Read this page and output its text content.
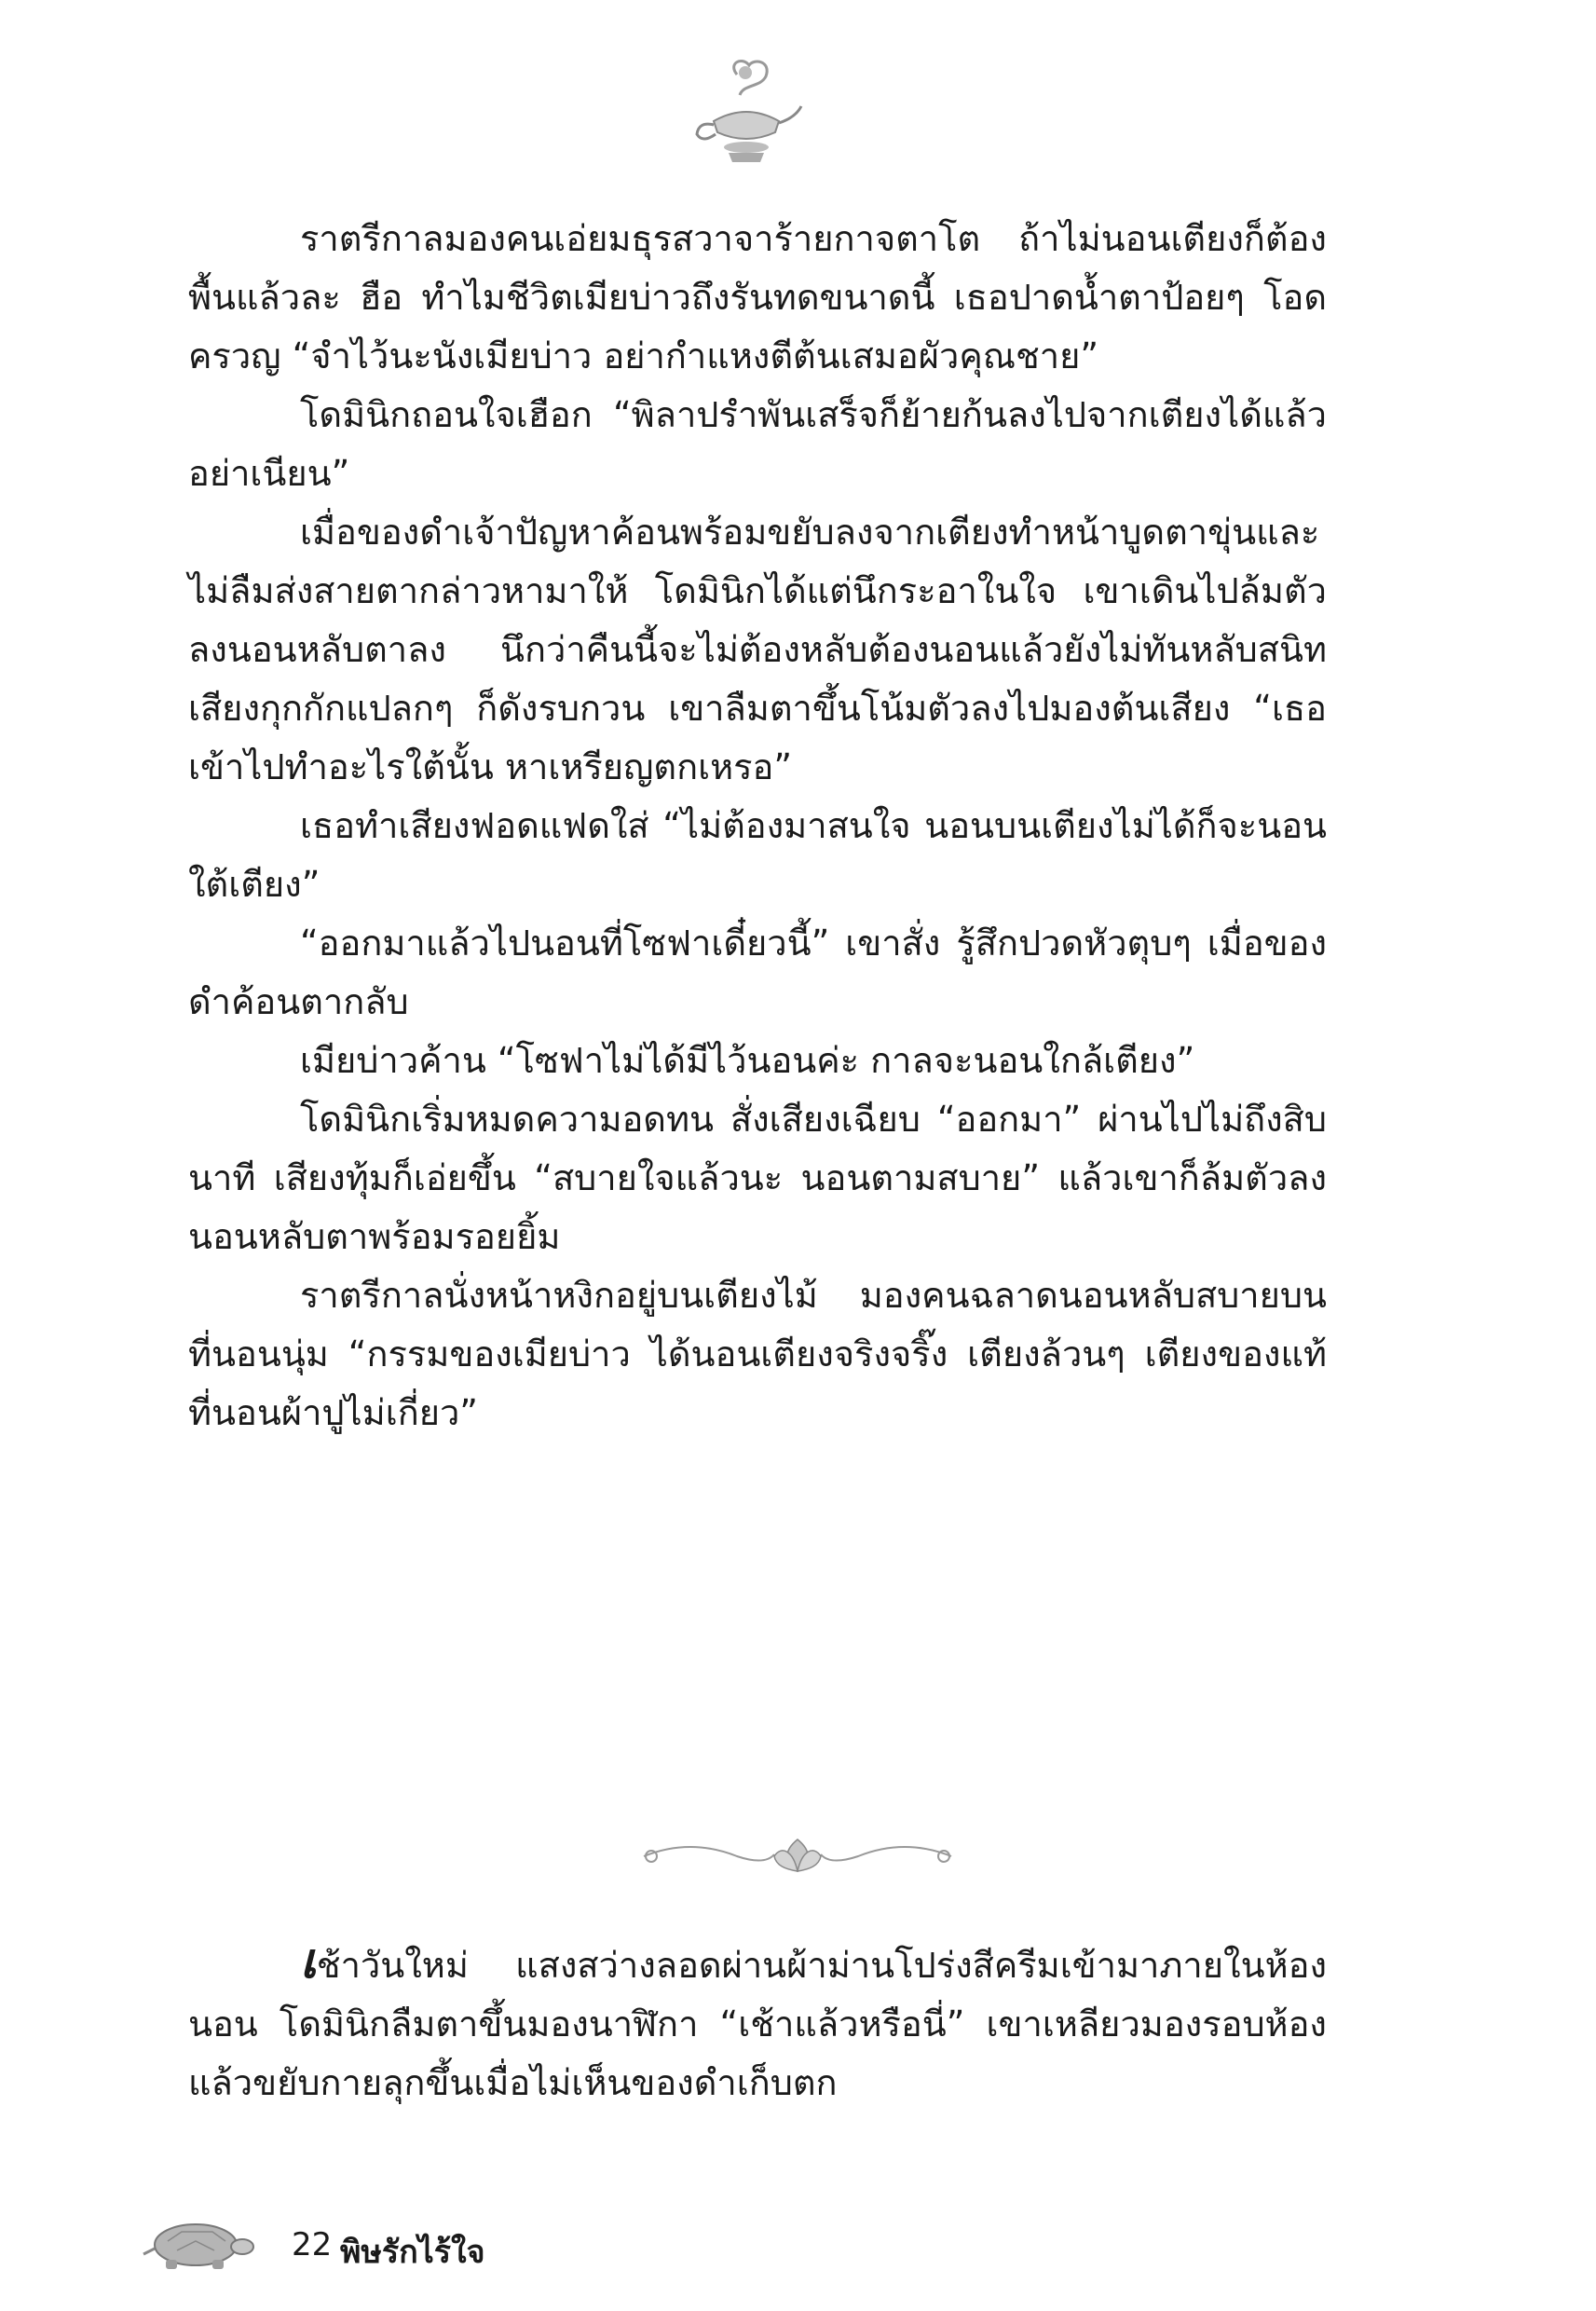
ราตรีกาลมองคนเอ่ยมธุรสวาจาร้ายกาจตาโต ถ้าไม่นอนเตียงก็ต้องพื้นแล้วละ ฮือ ทำไมชีวิตเมียบ่าวถึงรันทดขนาดนี้ เธอปาดน้ำตาป้อยๆ โอดครวญ “จำไว้นะนังเมียบ่าว อย่ากำแหงตีต้นเสมอผัวคุณชาย”

โดมินิกถอนใจเฮือก “พิลาปรำพันเสร็จก็ย้ายก้นลงไปจากเตียงได้แล้ว อย่าเนียน”

เมื่อของดำเจ้าปัญหาค้อนพร้อมขยับลงจากเตียงทำหน้าบูดตาขุ่นและไม่ลืมส่งสายตากล่าวหามาให้ โดมินิกได้แต่นึกระอาในใจ เขาเดินไปล้มตัวลงนอนหลับตาลง นึกว่าคืนนี้จะไม่ต้องหลับต้องนอนแล้วยังไม่ทันหลับสนิท เสียงกุกกักแปลกๆ ก็ดังรบกวน เขาลืมตาขึ้นโน้มตัวลงไปมองต้นเสียง “เธอเข้าไปทำอะไรใต้นั้น หาเหรียญตกเหรอ”

เธอทำเสียงฟอดแฟดใส่ “ไม่ต้องมาสนใจ นอนบนเตียงไม่ได้ก็จะนอนใต้เตียง”

“ออกมาแล้วไปนอนที่โซฟาเดี๋ยวนี้” เขาสั่ง รู้สึกปวดหัวตุบๆ เมื่อของดำค้อนตากลับ

เมียบ่าวค้าน “โซฟาไม่ได้มีไว้นอนค่ะ กาลจะนอนใกล้เตียง”

โดมินิกเริ่มหมดความอดทน สั่งเสียงเฉียบ “ออกมา” ผ่านไปไม่ถึงสิบนาที เสียงทุ้มก็เอ่ยขึ้น “สบายใจแล้วนะ นอนตามสบาย” แล้วเขาก็ล้มตัวลงนอนหลับตาพร้อมรอยยิ้ม

ราตรีกาลนั่งหน้าหงิกอยู่บนเตียงไม้ มองคนฉลาดนอนหลับสบายบนที่นอนนุ่ม “กรรมของเมียบ่าว ได้นอนเตียงจริงจริ๊ง เตียงล้วนๆ เตียงของแท้ ที่นอนผ้าปูไม่เกี่ยว”

เช้าวันใหม่ แสงสว่างลอดผ่านผ้าม่านโปร่งสีครีมเข้ามาภายในห้องนอน โดมินิกลืมตาขึ้นมองนาฬิกา “เช้าแล้วหรือนี่” เขาเหลียวมองรอบห้องแล้วขยับกายลุกขึ้นเมื่อไม่เห็นของดำเก็บตก

22 พิษรักไร้ใจ
